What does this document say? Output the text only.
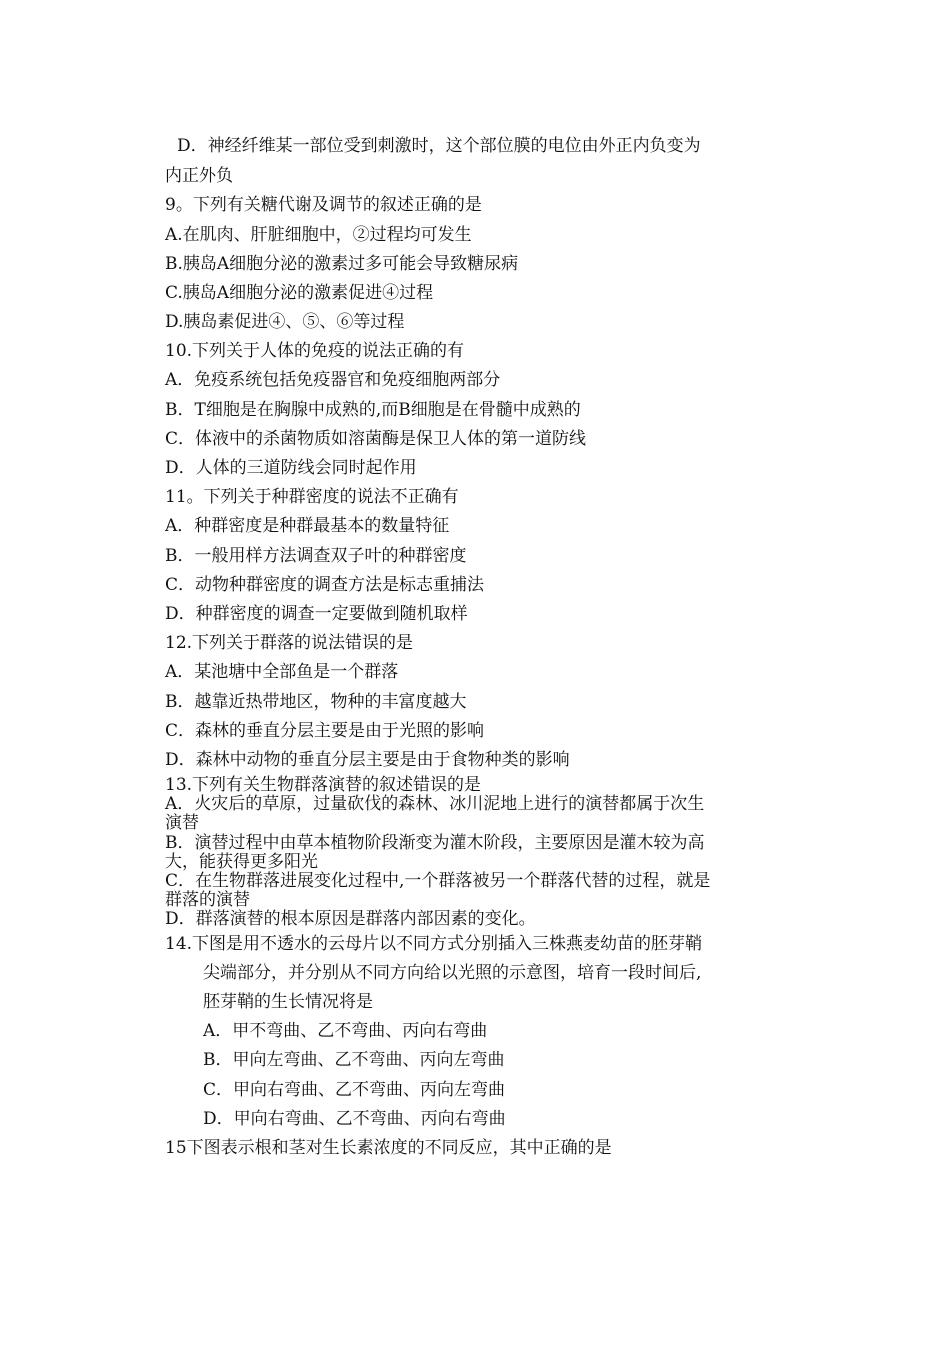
D．神经纤维某一部位受到刺激时，这个部位膜的电位由外正内负变为
内正外负
9。下列有关糖代谢及调节的叙述正确的是
A.在肌肉、肝脏细胞中，②过程均可发生
B.胰岛A细胞分泌的激素过多可能会导致糖尿病
C.胰岛A细胞分泌的激素促进④过程
D.胰岛素促进④、⑤、⑥等过程
10.下列关于人体的免疫的说法正确的有
A．免疫系统包括免疫器官和免疫细胞两部分
B．T细胞是在胸腺中成熟的,而B细胞是在骨髓中成熟的
C．体液中的杀菌物质如溶菌酶是保卫人体的第一道防线
D．人体的三道防线会同时起作用
11。下列关于种群密度的说法不正确有
A．种群密度是种群最基本的数量特征
B．一般用样方法调查双子叶的种群密度
C．动物种群密度的调查方法是标志重捕法
D．种群密度的调查一定要做到随机取样
12.下列关于群落的说法错误的是
A．某池塘中全部鱼是一个群落
B．越靠近热带地区，物种的丰富度越大
C．森林的垂直分层主要是由于光照的影响
D．森林中动物的垂直分层主要是由于食物种类的影响
13.下列有关生物群落演替的叙述错误的是
A．火灾后的草原，过量砍伐的森林、冰川泥地上进行的演替都属于次生
演替
B．演替过程中由草本植物阶段渐变为灌木阶段，主要原因是灌木较为高
大，能获得更多阳光
C．在生物群落进展变化过程中,一个群落被另一个群落代替的过程，就是
群落的演替
D．群落演替的根本原因是群落内部因素的变化。
14.下图是用不透水的云母片以不同方式分别插入三株燕麦幼苗的胚芽鞘
尖端部分，并分别从不同方向给以光照的示意图，培育一段时间后,
胚芽鞘的生长情况将是
A．甲不弯曲、乙不弯曲、丙向右弯曲
B．甲向左弯曲、乙不弯曲、丙向左弯曲
C．甲向右弯曲、乙不弯曲、丙向左弯曲
D．甲向右弯曲、乙不弯曲、丙向右弯曲
15下图表示根和茎对生长素浓度的不同反应，其中正确的是
